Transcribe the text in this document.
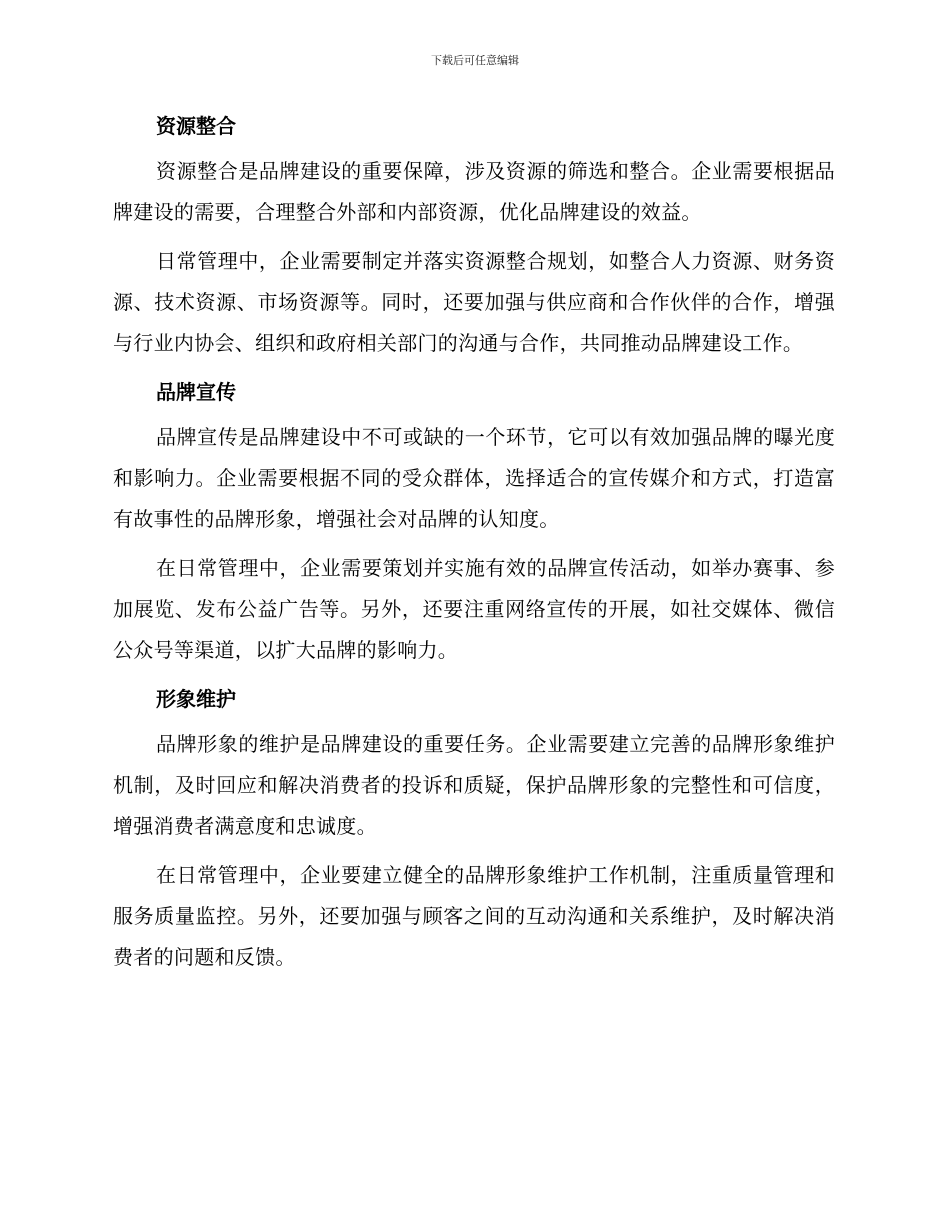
下载后可任意编辑
资源整合

资源整合是品牌建设的重要保障，涉及资源的筛选和整合。企业需要根据品牌建设的需要，合理整合外部和内部资源，优化品牌建设的效益。

日常管理中，企业需要制定并落实资源整合规划，如整合人力资源、财务资源、技术资源、市场资源等。同时，还要加强与供应商和合作伙伴的合作，增强与行业内协会、组织和政府相关部门的沟通与合作，共同推动品牌建设工作。

品牌宣传

品牌宣传是品牌建设中不可或缺的一个环节，它可以有效加强品牌的曝光度和影响力。企业需要根据不同的受众群体，选择适合的宣传媒介和方式，打造富有故事性的品牌形象，增强社会对品牌的认知度。

在日常管理中，企业需要策划并实施有效的品牌宣传活动，如举办赛事、参加展览、发布公益广告等。另外，还要注重网络宣传的开展，如社交媒体、微信公众号等渠道，以扩大品牌的影响力。

形象维护

品牌形象的维护是品牌建设的重要任务。企业需要建立完善的品牌形象维护机制，及时回应和解决消费者的投诉和质疑，保护品牌形象的完整性和可信度，增强消费者满意度和忠诚度。

在日常管理中，企业要建立健全的品牌形象维护工作机制，注重质量管理和服务质量监控。另外，还要加强与顾客之间的互动沟通和关系维护，及时解决消费者的问题和反馈。
